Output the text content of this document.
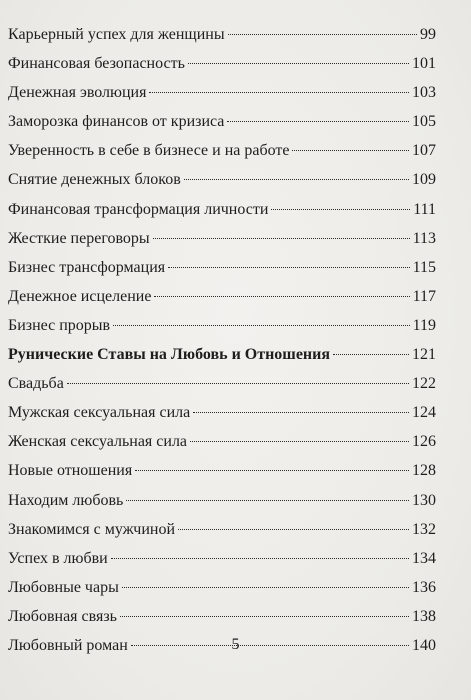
Карьерный успех для женщины	99
Финансовая безопасность	101
Денежная эволюция	103
Заморозка финансов от кризиса	105
Уверенность в себе в бизнесе и на работе	107
Снятие денежных блоков	109
Финансовая трансформация личности	111
Жесткие переговоры	113
Бизнес трансформация	115
Денежное исцеление	117
Бизнес прорыв	119
Рунические Ставы на Любовь и Отношения	121
Свадьба	122
Мужская сексуальная сила	124
Женская сексуальная сила	126
Новые отношения	128
Находим любовь	130
Знакомимся с мужчиной	132
Успех в любви	134
Любовные чары	136
Любовная связь	138
Любовный роман	140
5
